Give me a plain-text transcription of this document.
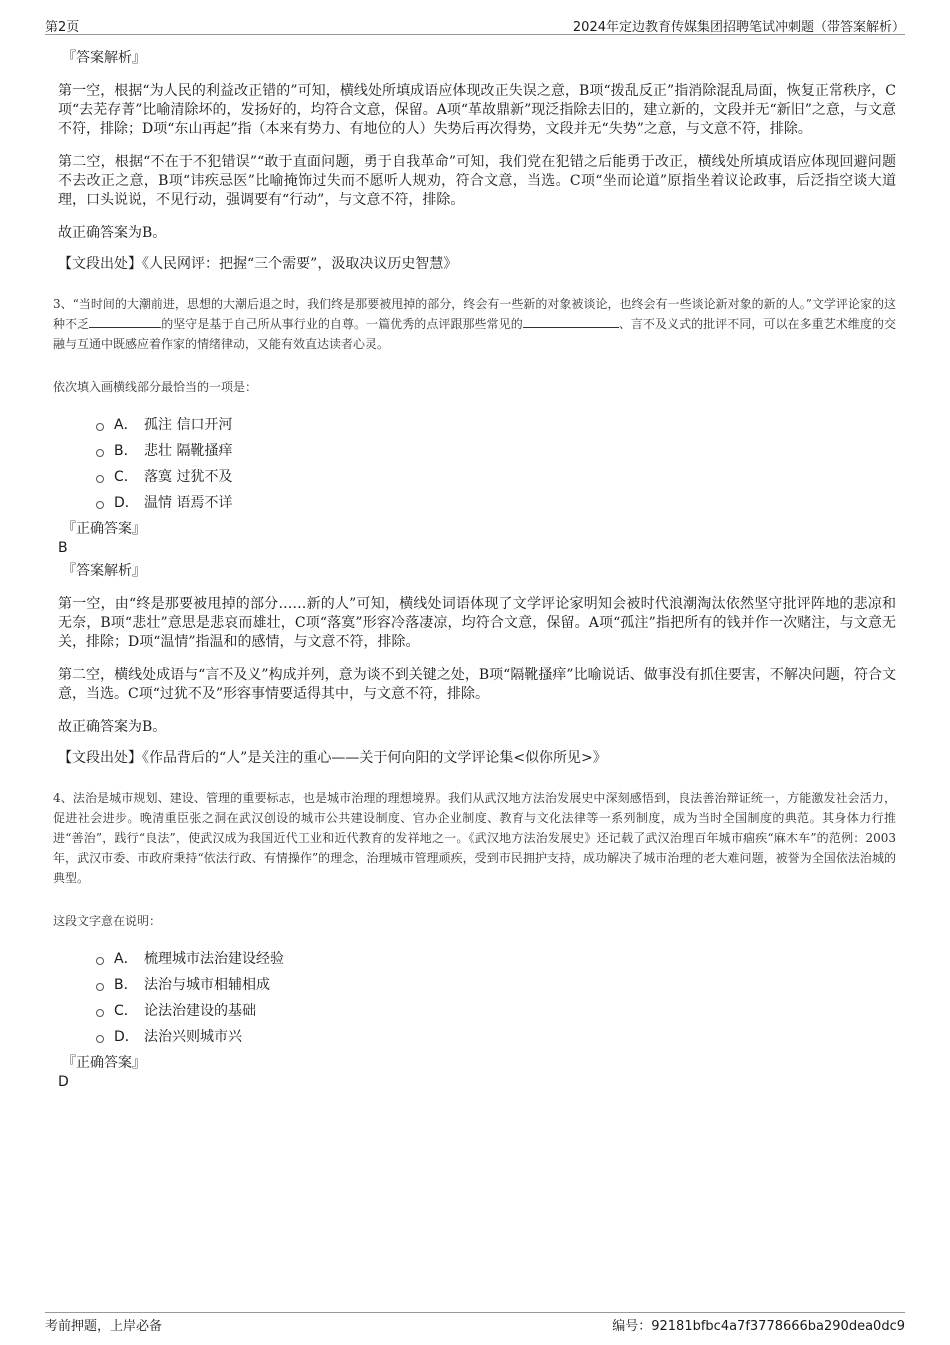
第2页	2024年定边教育传媒集团招聘笔试冲刺题（带答案解析）
『答案解析』

第一空，根据“为人民的利益改正错的”可知，横线处所填成语应体现改正失误之意，B项“拨乱反正”指消除混乱局面，恢复正常秩序，C项“去芜存菁”比喻清除坏的，发扬好的，均符合文意，保留。A项“革故鼎新”现泛指除去旧的，建立新的，文段并无“新旧”之意，与文意不符，排除；D项“东山再起”指（本来有势力、有地位的人）失势后再次得势，文段并无“失势”之意，与文意不符，排除。

第二空，根据“不在于不犯错误”“敢于直面问题，勇于自我革命”可知，我们党在犯错之后能勇于改正，横线处所填成语应体现回避问题不去改正之意，B项“讳疾忌医”比喻掩饰过失而不愿听人规劝，符合文意，当选。C项“坐而论道”原指坐着议论政事，后泛指空谈大道理，口头说说，不见行动，强调要有“行动”，与文意不符，排除。

故正确答案为B。

【文段出处】《人民网评：把握“三个需要”，汲取决议历史智慧》

3、“当时间的大潮前进，思想的大潮后退之时，我们终是那要被甩掉的部分，终会有一些新的对象被谈论，也终会有一些谈论新对象的新的人。”文学评论家的这种不乏	的坚守是基于自己所从事行业的自尊。一篇优秀的点评跟那些常见的	、言不及义式的批评不同，可以在多重艺术维度的交融与互通中既感应着作家的情绪律动，又能有效直达读者心灵。
依次填入画横线部分最恰当的一项是：
A． 孤注 信口开河
B． 悲壮 隔靴搔痒
C． 落寞 过犹不及
D． 温情 语焉不详
『正确答案』
B
『答案解析』

第一空，由“终是那要被甩掉的部分……新的人”可知，横线处词语体现了文学评论家明知会被时代浪潮淘汰依然坚守批评阵地的悲凉和无奈，B项“悲壮”意思是悲哀而雄壮，C项“落寞”形容冷落凄凉，均符合文意，保留。A项“孤注”指把所有的钱并作一次赌注，与文意无关，排除；D项“温情”指温和的感情，与文意不符，排除。

第二空，横线处成语与“言不及义”构成并列，意为谈不到关键之处，B项“隔靴搔痒”比喻说话、做事没有抓住要害，不解决问题，符合文意，当选。C项“过犹不及”形容事情要适得其中，与文意不符，排除。

故正确答案为B。

【文段出处】《作品背后的“人”是关注的重心——关于何向阳的文学评论集<似你所见>》

4、法治是城市规划、建设、管理的重要标志，也是城市治理的理想境界。我们从武汉地方法治发展史中深刻感悟到，良法善治辩证统一，方能激发社会活力，促进社会进步。晚清重臣张之洞在武汉创设的城市公共建设制度、官办企业制度、教育与文化法律等一系列制度，成为当时全国制度的典范。其身体力行推进“善治”，践行“良法”，使武汉成为我国近代工业和近代教育的发祥地之一。《武汉地方法治发展史》还记载了武汉治理百年城市痼疾“麻木车”的范例：2003年，武汉市委、市政府秉持“依法行政、有情操作”的理念，治理城市管理顽疾，受到市民拥护支持，成功解决了城市治理的老大难问题，被誉为全国依法治城的典型。
这段文字意在说明：
A． 梳理城市法治建设经验
B． 法治与城市相辅相成
C． 论法治建设的基础
D． 法治兴则城市兴
『正确答案』
D
考前押题，上岸必备	编号：92181bfbc4a7f3778666ba290dea0dc9
